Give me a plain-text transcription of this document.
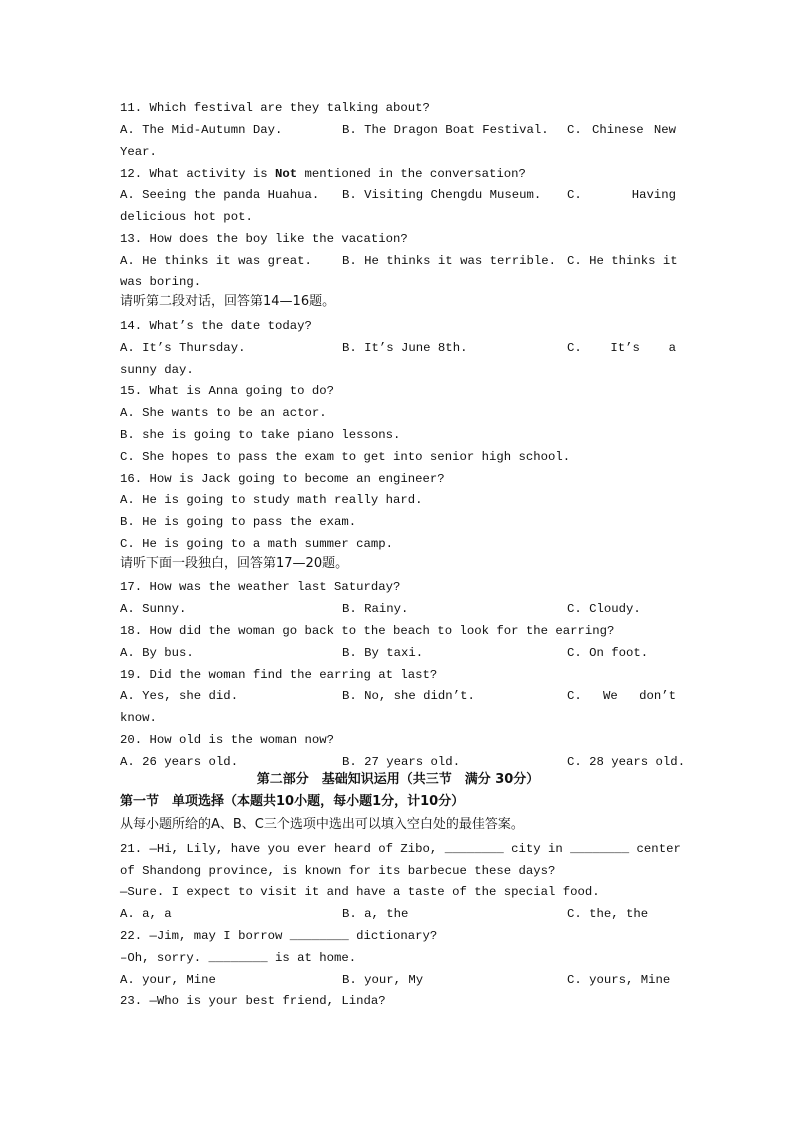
11. Which festival are they talking about?

A. The Mid-Autumn Day.

	B. The Dragon Boat Festival.

C. Chinese New

Year.
12. What activity is Not mentioned in the conversation?

A. Seeing the panda Huahua.

B. Visiting Chengdu Museum.

C.	Having

delicious hot pot.
13. How does the boy like the vacation?

A. He thinks it was great.

B. He thinks it was terrible.

C. He thinks it

was boring.
请听第二段对话，回答第14—16题。
14. What’s the date today?

A. It’s Thursday.

	B. It’s June 8th.

	C. It’s a

sunny day.
15. What is Anna going to do?
A. She wants to be an actor.
B. she is going to take piano lessons.
C. She hopes to pass the exam to get into senior high school.
16. How is Jack going to become an engineer?
A. He is going to study math really hard.
B. He is going to pass the exam.
C. He is going to a math summer camp.
请听下面一段独白，回答第17—20题。
17. How was the weather last Saturday?

A. Sunny.

	B. Rainy.

	C. Cloudy.

18. How did the woman go back to the beach to look for the earring?

A. By bus.

	B. By taxi.

	C. On foot.

19. Did the woman find the earring at last?

A. Yes, she did.

	B. No, she didn’t.

	C. We don’t

know.
20. How old is the woman now?

A. 26 years old.

	B. 27 years old.

	C. 28 years old.

第二部分　基础知识运用（共三节　满分 30分）
第一节　单项选择（本题共10小题，每小题1分，计10分）
从每小题所给的A、B、C三个选项中选出可以填入空白处的最佳答案。
21. —Hi, Lily, have you ever heard of Zibo, ________ city in ________ center
of Shandong province, is known for its barbecue these days?
—Sure. I expect to visit it and have a taste of the special food.

A. a, a

	B. a, the

	C. the, the

22. —Jim, may I borrow ________ dictionary?
–Oh, sorry. ________ is at home.

A. your, Mine

	B. your, My

	C. yours, Mine

23. —Who is your best friend, Linda?
